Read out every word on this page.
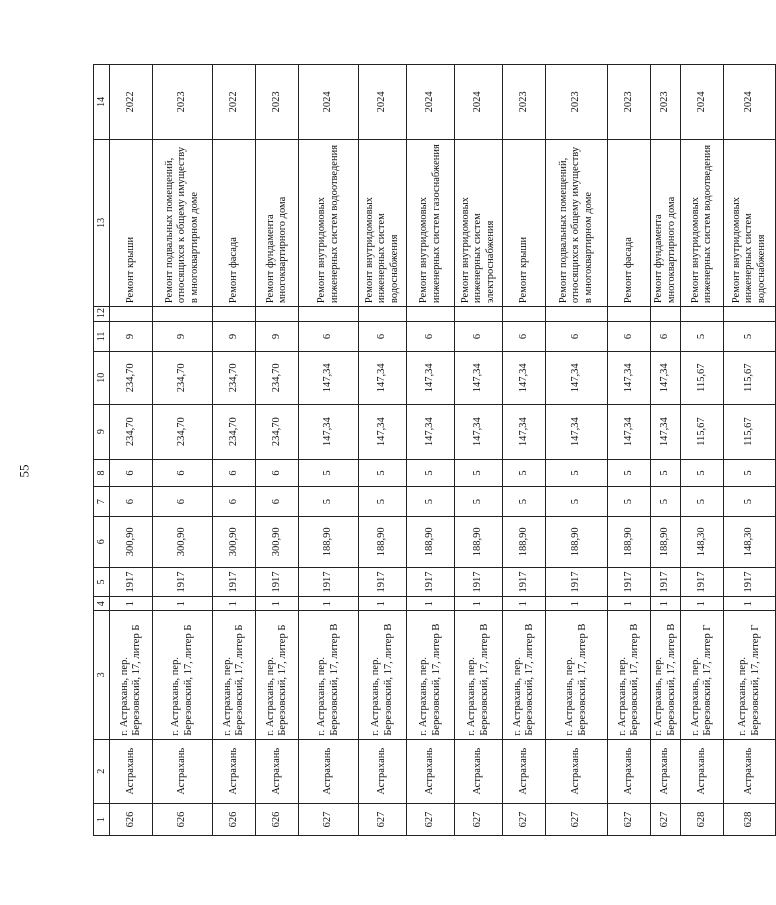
55
1	2	3	4	5	6	7	8	9	10	11	12	13	14
626	Астрахань	г. Астрахань, пер. Березовский, 17, литер Б	1	1917	300,90	6	6	234,70	234,70	9		Ремонт крыши	2022
626	Астрахань	г. Астрахань, пер. Березовский, 17, литер Б	1	1917	300,90	6	6	234,70	234,70	9		Ремонт подвальных помещений, относящихся к общему имуществу в многоквартирном доме	2023
626	Астрахань	г. Астрахань, пер. Березовский, 17, литер Б	1	1917	300,90	6	6	234,70	234,70	9		Ремонт фасада	2022
626	Астрахань	г. Астрахань, пер. Березовский, 17, литер Б	1	1917	300,90	6	6	234,70	234,70	9		Ремонт фундамента многоквартирного дома	2023
627	Астрахань	г. Астрахань, пер. Березовский, 17, литер В	1	1917	188,90	5	5	147,34	147,34	6		Ремонт внутридомовых инженерных систем водоотведения	2024
627	Астрахань	г. Астрахань, пер. Березовский, 17, литер В	1	1917	188,90	5	5	147,34	147,34	6		Ремонт внутридомовых инженерных систем водоснабжения	2024
627	Астрахань	г. Астрахань, пер. Березовский, 17, литер В	1	1917	188,90	5	5	147,34	147,34	6		Ремонт внутридомовых инженерных систем газоснабжения	2024
627	Астрахань	г. Астрахань, пер. Березовский, 17, литер В	1	1917	188,90	5	5	147,34	147,34	6		Ремонт внутридомовых инженерных систем электроснабжения	2024
627	Астрахань	г. Астрахань, пер. Березовский, 17, литер В	1	1917	188,90	5	5	147,34	147,34	6		Ремонт крыши	2023
627	Астрахань	г. Астрахань, пер. Березовский, 17, литер В	1	1917	188,90	5	5	147,34	147,34	6		Ремонт подвальных помещений, относящихся к общему имуществу в многоквартирном доме	2023
627	Астрахань	г. Астрахань, пер. Березовский, 17, литер В	1	1917	188,90	5	5	147,34	147,34	6		Ремонт фасада	2023
627	Астрахань	г. Астрахань, пер. Березовский, 17, литер В	1	1917	188,90	5	5	147,34	147,34	6		Ремонт фундамента многоквартирного дома	2023
628	Астрахань	г. Астрахань, пер. Березовский, 17, литер Г	1	1917	148,30	5	5	115,67	115,67	5		Ремонт внутридомовых инженерных систем водоотведения	2024
628	Астрахань	г. Астрахань, пер. Березовский, 17, литер Г	1	1917	148,30	5	5	115,67	115,67	5		Ремонт внутридомовых инженерных систем водоснабжения	2024
